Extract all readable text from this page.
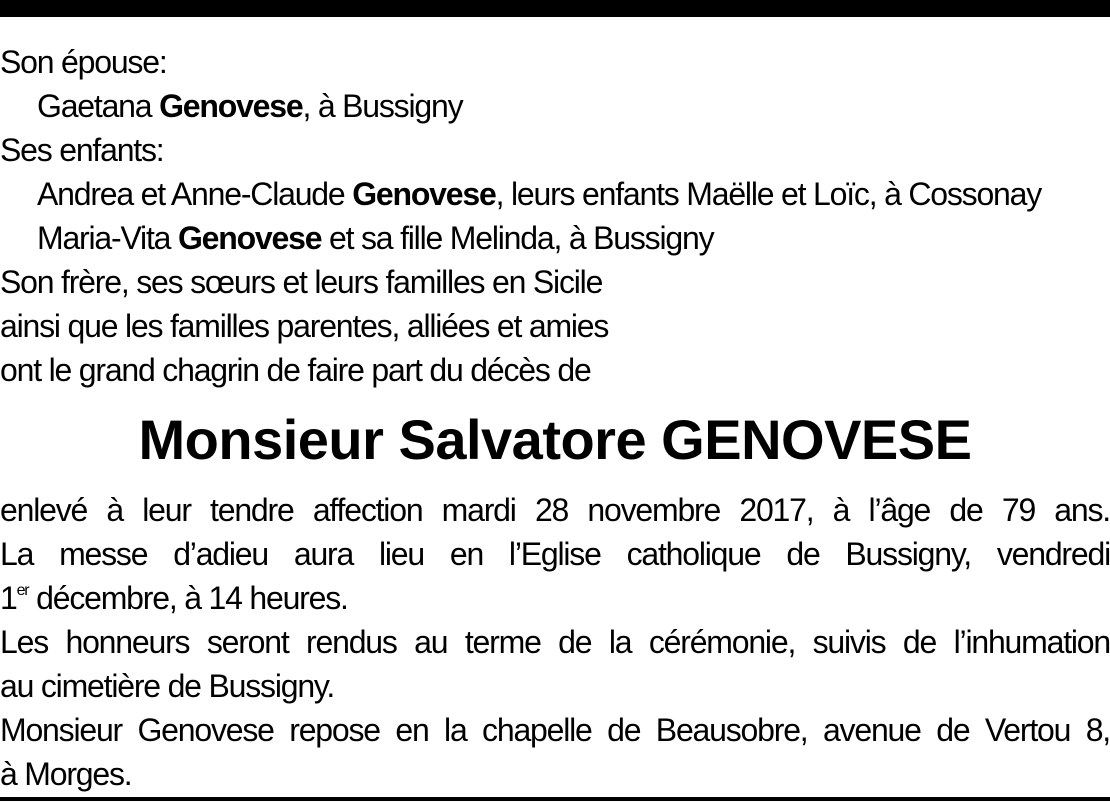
Son épouse:
Gaetana Genovese, à Bussigny
Ses enfants:
Andrea et Anne-Claude Genovese, leurs enfants Maëlle et Loïc, à Cossonay
Maria-Vita Genovese et sa fille Melinda, à Bussigny
Son frère, ses sœurs et leurs familles en Sicile
ainsi que les familles parentes, alliées et amies
ont le grand chagrin de faire part du décès de
Monsieur Salvatore GENOVESE
enlevé à leur tendre affection mardi 28 novembre 2017, à l’âge de 79 ans.
La messe d’adieu aura lieu en l’Eglise catholique de Bussigny, vendredi
1er décembre, à 14 heures.
Les honneurs seront rendus au terme de la cérémonie, suivis de l’inhumation
au cimetière de Bussigny.
Monsieur Genovese repose en la chapelle de Beausobre, avenue de Vertou 8,
à Morges.
